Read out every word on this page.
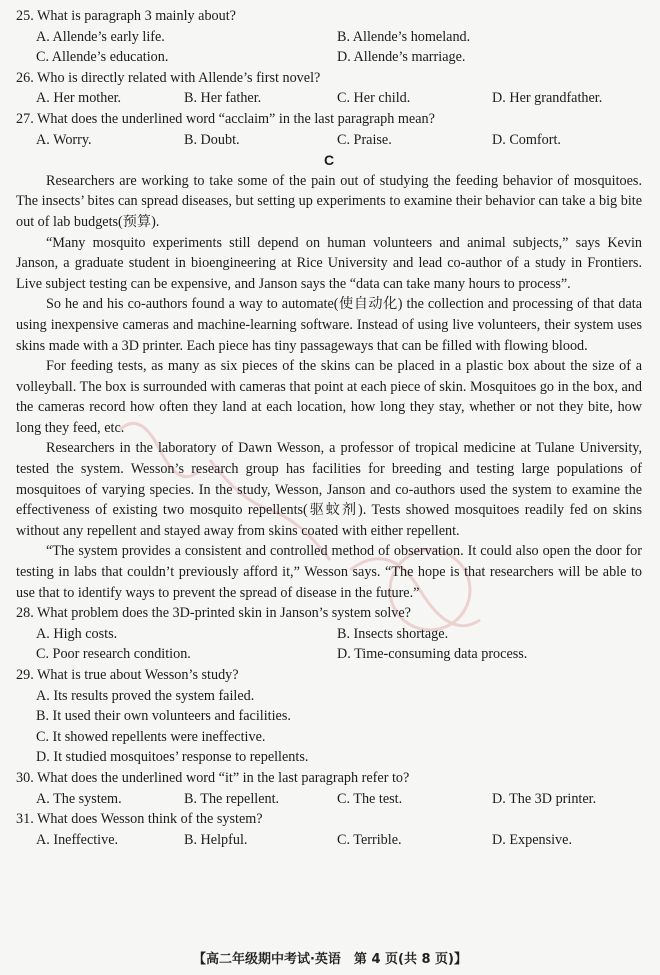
25. What is paragraph 3 mainly about?
A. Allende’s early life.	B. Allende’s homeland.
C. Allende’s education.	D. Allende’s marriage.
26. Who is directly related with Allende’s first novel?
A. Her mother.	B. Her father.	C. Her child.	D. Her grandfather.
27. What does the underlined word “acclaim” in the last paragraph mean?
A. Worry.	B. Doubt.	C. Praise.	D. Comfort.
C

Researchers are working to take some of the pain out of studying the feeding behavior of mosquitoes. The insects’ bites can spread diseases, but setting up experiments to examine their behavior can take a big bite out of lab budgets(预算).

“Many mosquito experiments still depend on human volunteers and animal subjects,” says Kevin Janson, a graduate student in bioengineering at Rice University and lead co-author of a study in Frontiers. Live subject testing can be expensive, and Janson says the “data can take many hours to process”.

So he and his co-authors found a way to automate(使自动化) the collection and processing of that data using inexpensive cameras and machine-learning software. Instead of using live volunteers, their system uses skins made with a 3D printer. Each piece has tiny passageways that can be filled with flowing blood.

For feeding tests, as many as six pieces of the skins can be placed in a plastic box about the size of a volleyball. The box is surrounded with cameras that point at each piece of skin. Mosquitoes go in the box, and the cameras record how often they land at each location, how long they stay, whether or not they bite, how long they feed, etc.

Researchers in the laboratory of Dawn Wesson, a professor of tropical medicine at Tulane University, tested the system. Wesson’s research group has facilities for breeding and testing large populations of mosquitoes of varying species. In the study, Wesson, Janson and co-authors used the system to examine the effectiveness of existing two mosquito repellents(驱蚊剂). Tests showed mosquitoes readily fed on skins without any repellent and stayed away from skins coated with either repellent.

“The system provides a consistent and controlled method of observation. It could also open the door for testing in labs that couldn’t previously afford it,” Wesson says. “The hope is that researchers will be able to use that to identify ways to prevent the spread of disease in the future.”

28. What problem does the 3D-printed skin in Janson’s system solve?
A. High costs.	B. Insects shortage.
C. Poor research condition.	D. Time-consuming data process.
29. What is true about Wesson’s study?
A. Its results proved the system failed.
B. It used their own volunteers and facilities.
C. It showed repellents were ineffective.
D. It studied mosquitoes’ response to repellents.
30. What does the underlined word “it” in the last paragraph refer to?
A. The system.	B. The repellent.	C. The test.	D. The 3D printer.
31. What does Wesson think of the system?
A. Ineffective.	B. Helpful.	C. Terrible.	D. Expensive.
【高二年级期中考试·英语　第 4 页(共 8 页)】
